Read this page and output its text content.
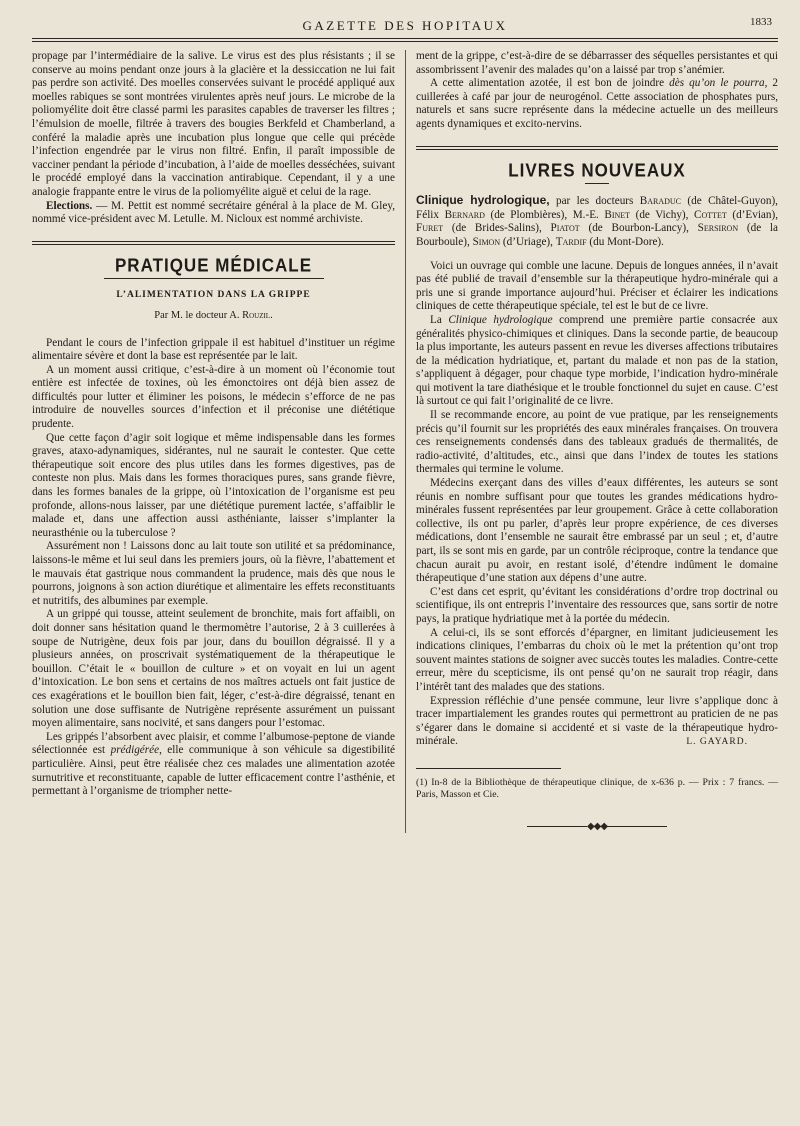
GAZETTE DES HOPITAUX	1833

propage par l’intermédiaire de la salive. Le virus est des plus résistants ; il se conserve au moins pendant onze jours à la glacière et la dessiccation ne lui fait pas perdre son activité. Des moelles conservées suivant le procédé appliqué aux moelles rabiques se sont montrées virulentes après neuf jours. Le microbe de la poliomyélite doit être classé parmi les parasites capables de traverser les filtres ; l’émulsion de moelle, filtrée à travers des bougies Berkfeld et Chamberland, a conféré la maladie après une incubation plus longue que celle qui précède l’infection engendrée par le virus non filtré. Enfin, il paraît impossible de vacciner pendant la période d’incubation, à l’aide de moelles desséchées, suivant le procédé employé dans la vaccination antirabique. Cependant, il y a une analogie frappante entre le virus de la poliomyélite aiguë et celui de la rage.

Elections. — M. Pettit est nommé secrétaire général à la place de M. Gley, nommé vice-président avec M. Letulle. M. Nicloux est nommé archiviste.

PRATIQUE MÉDICALE
L’ALIMENTATION DANS LA GRIPPE
Par M. le docteur A. Rouzil.

Pendant le cours de l’infection grippale il est habituel d’instituer un régime alimentaire sévère et dont la base est représentée par le lait.

A un moment aussi critique, c’est-à-dire à un moment où l’économie tout entière est infectée de toxines, où les émonctoires ont déjà bien assez de difficultés pour lutter et éliminer les poisons, le médecin s’efforce de ne pas introduire de nouvelles sources d’infection et il préconise une diététique prudente.

Que cette façon d’agir soit logique et même indispensable dans les formes graves, ataxo-adynamiques, sidérantes, nul ne saurait le contester. Que cette thérapeutique soit encore des plus utiles dans les formes digestives, pas de conteste non plus. Mais dans les formes thoraciques pures, sans grande fièvre, dans les formes banales de la grippe, où l’intoxication de l’organisme est peu profonde, allons-nous laisser, par une diététique purement lactée, s’affaiblir le malade et, dans une affection aussi asthéniante, laisser s’implanter la neurasthénie ou la tuberculose ?

Assurément non ! Laissons donc au lait toute son utilité et sa prédominance, laissons-le même et lui seul dans les premiers jours, où la fièvre, l’abattement et le mauvais état gastrique nous commandent la prudence, mais dès que nous le pourrons, joignons à son action diurétique et alimentaire les effets reconstituants et nutritifs, des albumines par exemple.

A un grippé qui tousse, atteint seulement de bronchite, mais fort affaibli, on doit donner sans hésitation quand le thermomètre l’autorise, 2 à 3 cuillerées à soupe de Nutrigène, deux fois par jour, dans du bouillon dégraissé. Il y a plusieurs années, on proscrivait systématiquement de la thérapeutique le bouillon. C’était le « bouillon de culture » et on voyait en lui un agent d’intoxication. Le bon sens et certains de nos maîtres actuels ont fait justice de ces exagérations et le bouillon bien fait, léger, c’est-à-dire dégraissé, tenant en solution une dose suffisante de Nutrigène représente assurément un puissant moyen alimentaire, sans nocivité, et sans dangers pour l’estomac.

Les grippés l’absorbent avec plaisir, et comme l’albumose-peptone de viande sélectionnée est prédigérée, elle communique à son véhicule sa digestibilité particulière. Ainsi, peut être réalisée chez ces malades une alimentation azotée surnutritive et reconstituante, capable de lutter efficacement contre l’asthénie, et permettant à l’organisme de triompher nette-

ment de la grippe, c’est-à-dire de se débarrasser des séquelles persistantes et qui assombrissent l’avenir des malades qu’on a laissé par trop s’anémier.

A cette alimentation azotée, il est bon de joindre dès qu’on le pourra, 2 cuillerées à café par jour de neurogénol. Cette association de phosphates purs, naturels et sans sucre représente dans la médecine actuelle un des meilleurs agents dynamiques et excito-nervins.

LIVRES NOUVEAUX

Clinique hydrologique, par les docteurs Baraduc (de Châtel-Guyon), Félix Bernard (de Plombières), M.-E. Binet (de Vichy), Cottet (d’Evian), Furet (de Brides-Salins), Piatot (de Bourbon-Lancy), Sersiron (de la Bourboule), Simon (d’Uriage), Tardif (du Mont-Dore).

Voici un ouvrage qui comble une lacune. Depuis de longues années, il n’avait pas été publié de travail d’ensemble sur la thérapeutique hydro-minérale qui a pris une si grande importance aujourd’hui. Préciser et éclairer les indications cliniques de cette thérapeutique spéciale, tel est le but de ce livre.

La Clinique hydrologique comprend une première partie consacrée aux généralités physico-chimiques et cliniques. Dans la seconde partie, de beaucoup la plus importante, les auteurs passent en revue les diverses affections tributaires de la médication hydriatique, et, partant du malade et non pas de la station, s’appliquent à dégager, pour chaque type morbide, l’indication hydro-minérale qui motivent la tare diathésique et le trouble fonctionnel du sujet en cause. C’est là surtout ce qui fait l’originalité de ce livre.

Il se recommande encore, au point de vue pratique, par les renseignements précis qu’il fournit sur les propriétés des eaux minérales françaises. On trouvera ces renseignements condensés dans des tableaux gradués de thermalités, de radio-activité, d’altitudes, etc., ainsi que dans l’index de toutes les stations thermales qui termine le volume.

Médecins exerçant dans des villes d’eaux différentes, les auteurs se sont réunis en nombre suffisant pour que toutes les grandes médications hydro-minérales fussent représentées par leur groupement. Grâce à cette collaboration collective, ils ont pu parler, d’après leur propre expérience, de ces diverses médications, dont l’ensemble ne saurait être embrassé par un seul ; et, d’autre part, ils se sont mis en garde, par un contrôle réciproque, contre la tendance que chacun aurait pu avoir, en restant isolé, d’étendre indûment le domaine thérapeutique d’une station aux dépens d’une autre.

C’est dans cet esprit, qu’évitant les considérations d’ordre trop doctrinal ou scientifique, ils ont entrepris l’inventaire des ressources que, sans sortir de notre pays, la pratique hydriatique met à la portée du médecin.

A celui-ci, ils se sont efforcés d’épargner, en limitant judicieusement les indications cliniques, l’embarras du choix où le met la prétention qu’ont trop souvent maintes stations de soigner avec succès toutes les maladies. Contre-cette erreur, mère du scepticisme, ils ont pensé qu’on ne saurait trop réagir, dans l’intérêt tant des malades que des stations.

Expression réfléchie d’une pensée commune, leur livre s’applique donc à tracer impartialement les grandes routes qui permettront au praticien de ne pas s’égarer dans le domaine si accidenté et si vaste de la thérapeutique hydro-minérale.	L. GAYARD.

(1) In-8 de la Bibliothèque de thérapeutique clinique, de x-636 p. — Prix : 7 francs. — Paris, Masson et Cie.

◆◆◆
